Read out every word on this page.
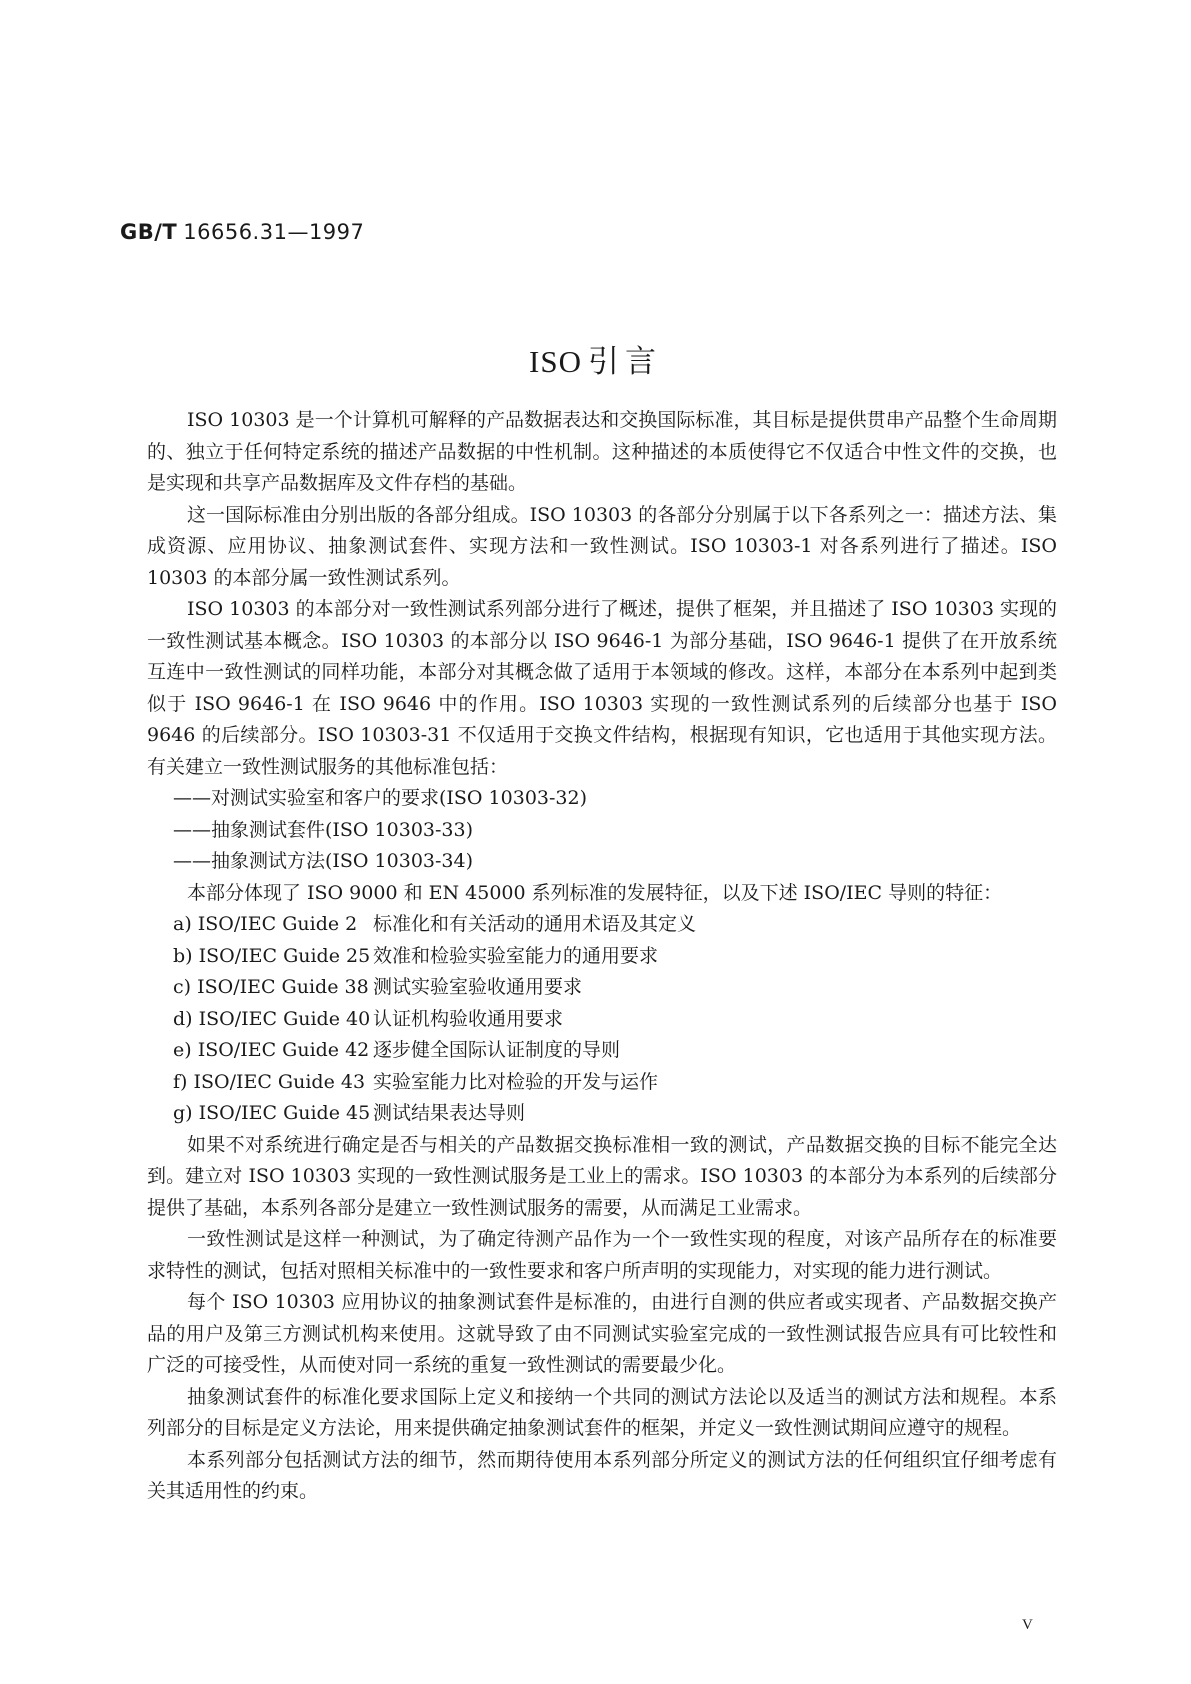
GB/T 16656.31—1997
ISO 引言

ISO 10303 是一个计算机可解释的产品数据表达和交换国际标准，其目标是提供贯串产品整个生命周期的、独立于任何特定系统的描述产品数据的中性机制。这种描述的本质使得它不仅适合中性文件的交换，也是实现和共享产品数据库及文件存档的基础。

这一国际标准由分别出版的各部分组成。ISO 10303 的各部分分别属于以下各系列之一：描述方法、集成资源、应用协议、抽象测试套件、实现方法和一致性测试。ISO 10303-1 对各系列进行了描述。ISO 10303 的本部分属一致性测试系列。

ISO 10303 的本部分对一致性测试系列部分进行了概述，提供了框架，并且描述了 ISO 10303 实现的一致性测试基本概念。ISO 10303 的本部分以 ISO 9646-1 为部分基础，ISO 9646-1 提供了在开放系统互连中一致性测试的同样功能，本部分对其概念做了适用于本领域的修改。这样，本部分在本系列中起到类似于 ISO 9646-1 在 ISO 9646 中的作用。ISO 10303 实现的一致性测试系列的后续部分也基于 ISO 9646 的后续部分。ISO 10303-31 不仅适用于交换文件结构，根据现有知识，它也适用于其他实现方法。有关建立一致性测试服务的其他标准包括：

——对测试实验室和客户的要求(ISO 10303-32)

——抽象测试套件(ISO 10303-33)

——抽象测试方法(ISO 10303-34)

本部分体现了 ISO 9000 和 EN 45000 系列标准的发展特征，以及下述 ISO/IEC 导则的特征：

a) ISO/IEC Guide 2 标准化和有关活动的通用术语及其定义
b) ISO/IEC Guide 25 效准和检验实验室能力的通用要求
c) ISO/IEC Guide 38 测试实验室验收通用要求
d) ISO/IEC Guide 40 认证机构验收通用要求
e) ISO/IEC Guide 42 逐步健全国际认证制度的导则
f) ISO/IEC Guide 43 实验室能力比对检验的开发与运作
g) ISO/IEC Guide 45 测试结果表达导则

如果不对系统进行确定是否与相关的产品数据交换标准相一致的测试，产品数据交换的目标不能完全达到。建立对 ISO 10303 实现的一致性测试服务是工业上的需求。ISO 10303 的本部分为本系列的后续部分提供了基础，本系列各部分是建立一致性测试服务的需要，从而满足工业需求。

一致性测试是这样一种测试，为了确定待测产品作为一个一致性实现的程度，对该产品所存在的标准要求特性的测试，包括对照相关标准中的一致性要求和客户所声明的实现能力，对实现的能力进行测试。

每个 ISO 10303 应用协议的抽象测试套件是标准的，由进行自测的供应者或实现者、产品数据交换产品的用户及第三方测试机构来使用。这就导致了由不同测试实验室完成的一致性测试报告应具有可比较性和广泛的可接受性，从而使对同一系统的重复一致性测试的需要最少化。

抽象测试套件的标准化要求国际上定义和接纳一个共同的测试方法论以及适当的测试方法和规程。本系列部分的目标是定义方法论，用来提供确定抽象测试套件的框架，并定义一致性测试期间应遵守的规程。

本系列部分包括测试方法的细节，然而期待使用本系列部分所定义的测试方法的任何组织宜仔细考虑有关其适用性的约束。

V
